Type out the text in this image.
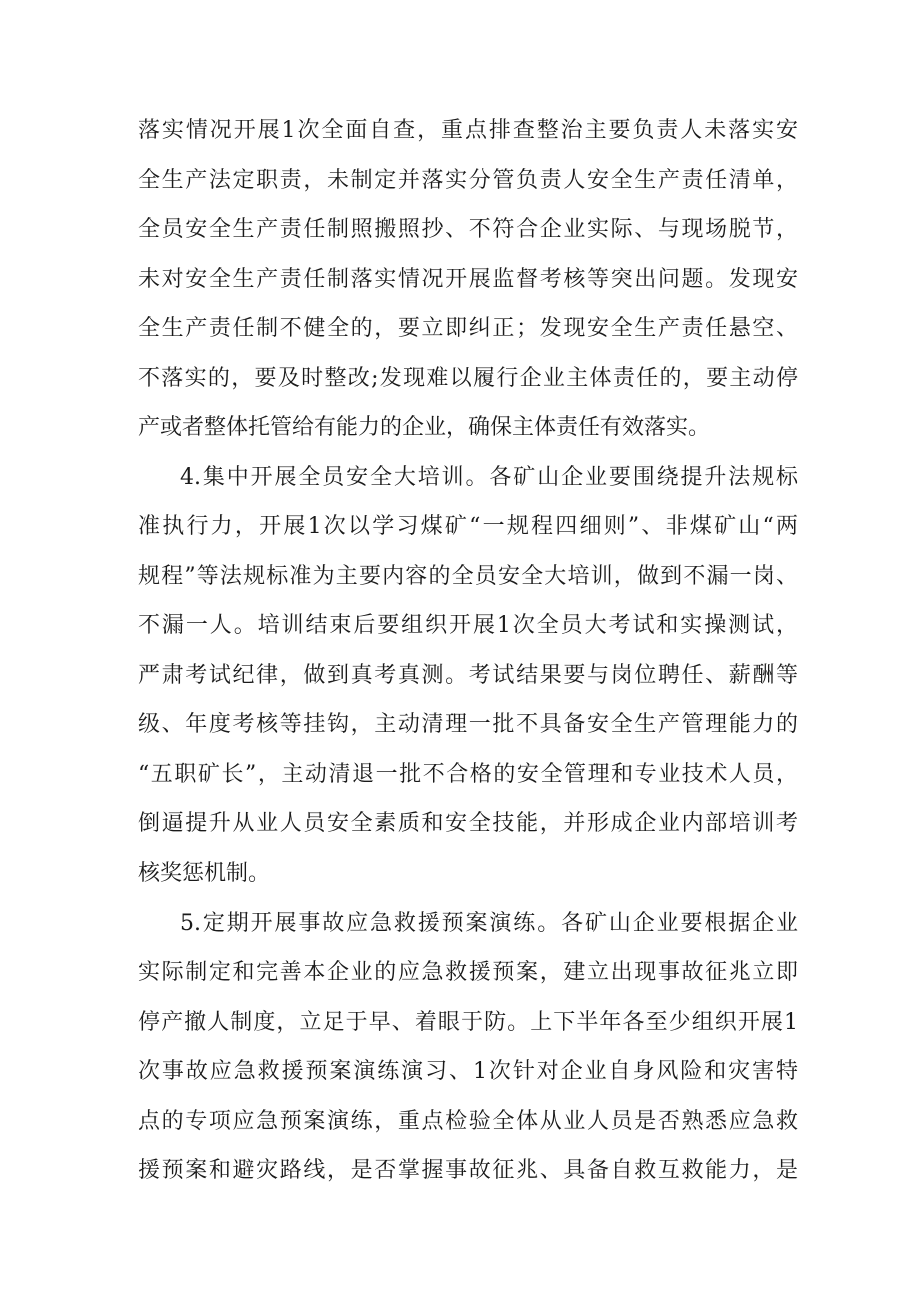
落实情况开展1次全面自查，重点排查整治主要负责人未落实安
全生产法定职责，未制定并落实分管负责人安全生产责任清单，
全员安全生产责任制照搬照抄、不符合企业实际、与现场脱节，
未对安全生产责任制落实情况开展监督考核等突出问题。发现安
全生产责任制不健全的，要立即纠正；发现安全生产责任悬空、
不落实的，要及时整改;发现难以履行企业主体责任的，要主动停
产或者整体托管给有能力的企业，确保主体责任有效落实。
4.集中开展全员安全大培训。各矿山企业要围绕提升法规标
准执行力，开展1次以学习煤矿“一规程四细则”、非煤矿山“两
规程”等法规标准为主要内容的全员安全大培训，做到不漏一岗、
不漏一人。培训结束后要组织开展1次全员大考试和实操测试，
严肃考试纪律，做到真考真测。考试结果要与岗位聘任、薪酬等
级、年度考核等挂钩，主动清理一批不具备安全生产管理能力的
“五职矿长”，主动清退一批不合格的安全管理和专业技术人员，
倒逼提升从业人员安全素质和安全技能，并形成企业内部培训考
核奖惩机制。
5.定期开展事故应急救援预案演练。各矿山企业要根据企业
实际制定和完善本企业的应急救援预案，建立出现事故征兆立即
停产撤人制度，立足于早、着眼于防。上下半年各至少组织开展1
次事故应急救援预案演练演习、1次针对企业自身风险和灾害特
点的专项应急预案演练，重点检验全体从业人员是否熟悉应急救
援预案和避灾路线，是否掌握事故征兆、具备自救互救能力，是
